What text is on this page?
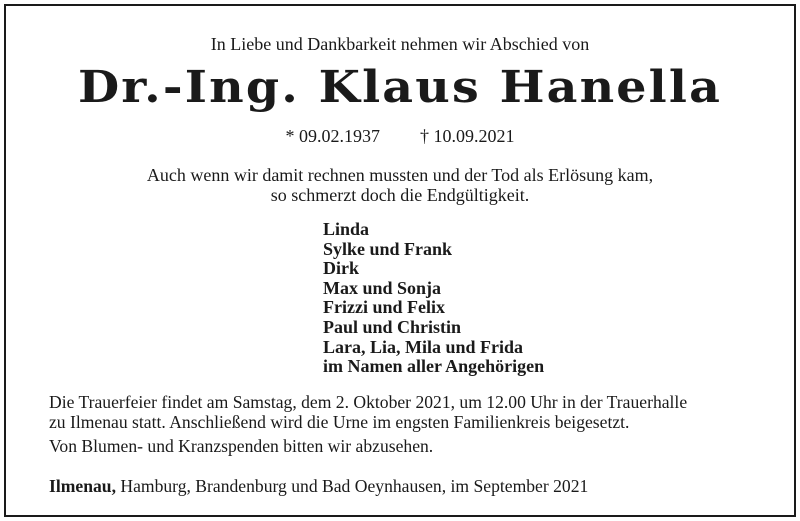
In Liebe und Dankbarkeit nehmen wir Abschied von
Dr.-Ing. Klaus Hanella
* 09.02.1937 † 10.09.2021
Auch wenn wir damit rechnen mussten und der Tod als Erlösung kam,
so schmerzt doch die Endgültigkeit.
Linda
Sylke und Frank
Dirk
Max und Sonja
Frizzi und Felix
Paul und Christin
Lara, Lia, Mila und Frida
im Namen aller Angehörigen
Die Trauerfeier findet am Samstag, dem 2. Oktober 2021, um 12.00 Uhr in der Trauerhalle
zu Ilmenau statt. Anschließend wird die Urne im engsten Familienkreis beigesetzt.
Von Blumen- und Kranzspenden bitten wir abzusehen.
Ilmenau, Hamburg, Brandenburg und Bad Oeynhausen, im September 2021
